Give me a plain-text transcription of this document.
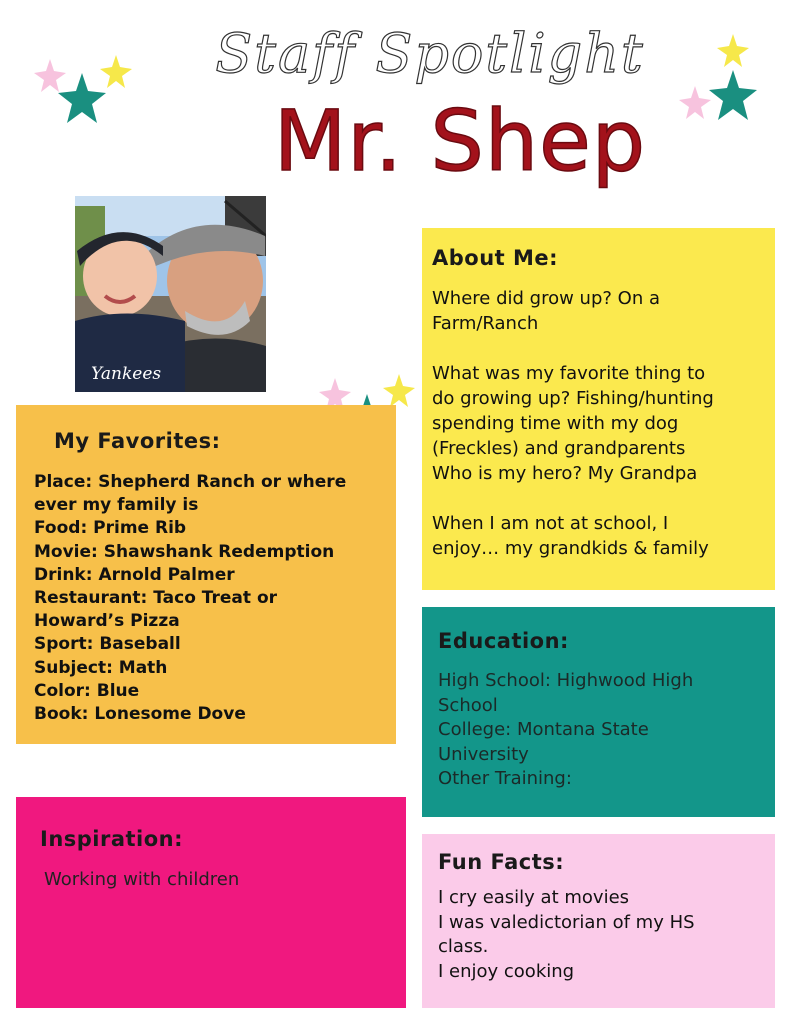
Staff Spotlight
Mr. Shep
Yankees
About Me:

Where did grow up? On a

Farm/Ranch

What was my favorite thing to

do growing up? Fishing/hunting

spending time with my dog

(Freckles) and grandparents

Who is my hero? My Grandpa

When I am not at school, I

enjoy… my grandkids & family

My Favorites:
Place: Shepherd Ranch or where
ever my family is
Food: Prime Rib
Movie: Shawshank Redemption
Drink: Arnold Palmer
Restaurant: Taco Treat or
Howard’s Pizza
Sport: Baseball
Subject: Math
Color: Blue
Book: Lonesome Dove
Education:

High School: Highwood High

School

College: Montana State

University

Other Training:

Inspiration:

Working with children

Fun Facts:

I cry easily at movies

I was valedictorian of my HS

class.

I enjoy cooking
